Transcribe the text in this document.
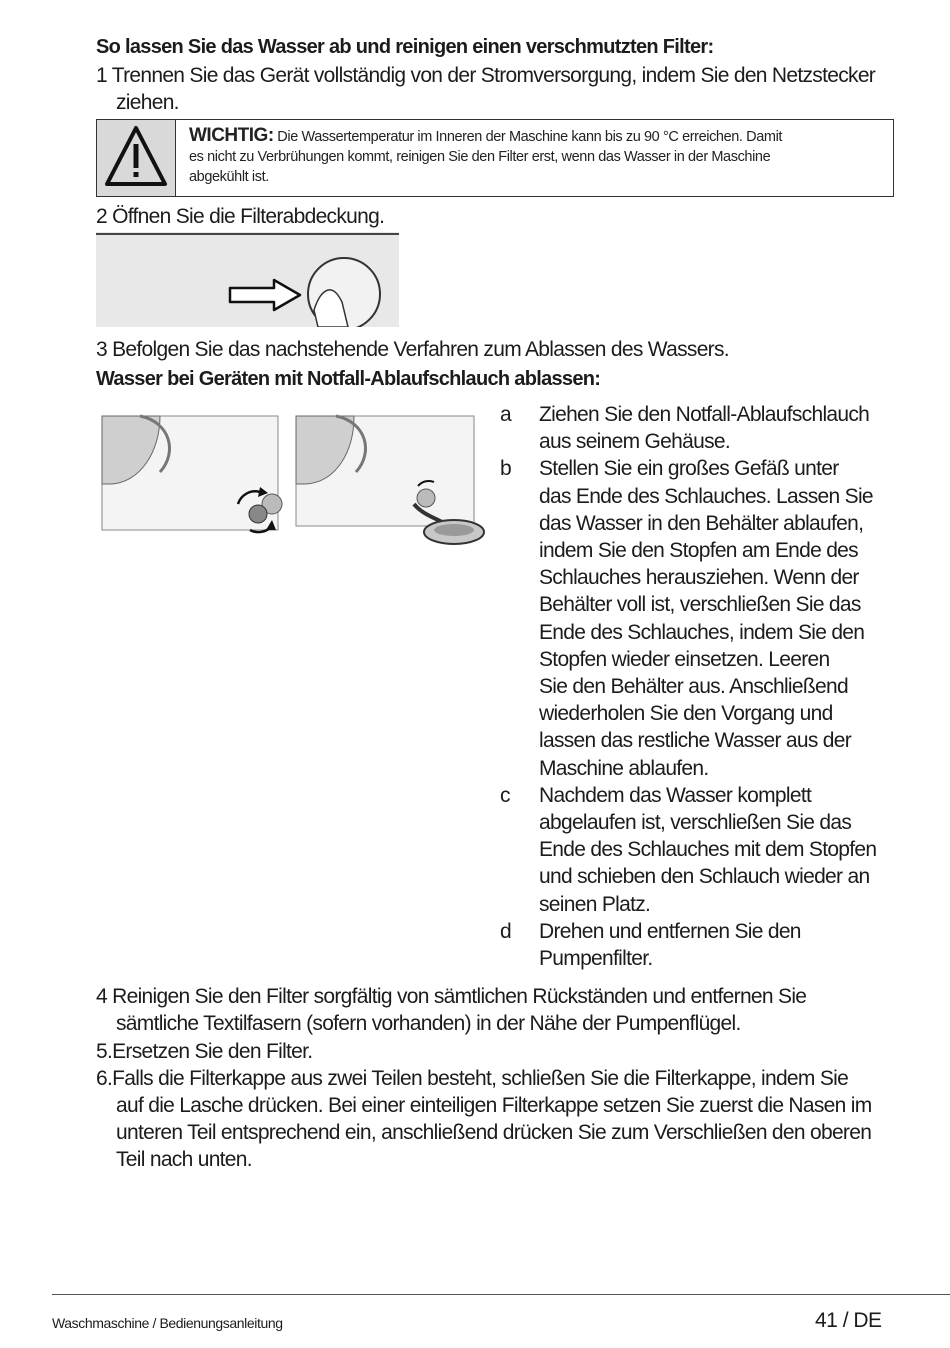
So lassen Sie das Wasser ab und reinigen einen verschmutzten Filter:
1 Trennen Sie das Gerät vollständig von der Stromversorgung, indem Sie den Netzstecker
ziehen.
WICHTIG: Die Wassertemperatur im Inneren der Maschine kann bis zu 90 °C erreichen. Damit
es nicht zu Verbrühungen kommt, reinigen Sie den Filter erst, wenn das Wasser in der Maschine
abgekühlt ist.
2 Öffnen Sie die Filterabdeckung.
3 Befolgen Sie das nachstehende Verfahren zum Ablassen des Wassers.
Wasser bei Geräten mit Notfall-Ablaufschlauch ablassen:
a	Ziehen Sie den Notfall-Ablaufschlauch
aus seinem Gehäuse.
b	Stellen Sie ein großes Gefäß unter
das Ende des Schlauches. Lassen Sie
das Wasser in den Behälter ablaufen,
indem Sie den Stopfen am Ende des
Schlauches herausziehen. Wenn der
Behälter voll ist, verschließen Sie das
Ende des Schlauches, indem Sie den
Stopfen wieder einsetzen. Leeren
Sie den Behälter aus. Anschließend
wiederholen Sie den Vorgang und
lassen das restliche Wasser aus der
Maschine ablaufen.
c	Nachdem das Wasser komplett
abgelaufen ist, verschließen Sie das
Ende des Schlauches mit dem Stopfen
und schieben den Schlauch wieder an
seinen Platz.
d	Drehen und entfernen Sie den
Pumpenfilter.
4 Reinigen Sie den Filter sorgfältig von sämtlichen Rückständen und entfernen Sie
sämtliche Textilfasern (sofern vorhanden) in der Nähe der Pumpenflügel.
5.Ersetzen Sie den Filter.
6.Falls die Filterkappe aus zwei Teilen besteht, schließen Sie die Filterkappe, indem Sie
auf die Lasche drücken. Bei einer einteiligen Filterkappe setzen Sie zuerst die Nasen im
unteren Teil entsprechend ein, anschließend drücken Sie zum Verschließen den oberen
Teil nach unten.
Waschmaschine / Bedienungsanleitung	41 / DE
